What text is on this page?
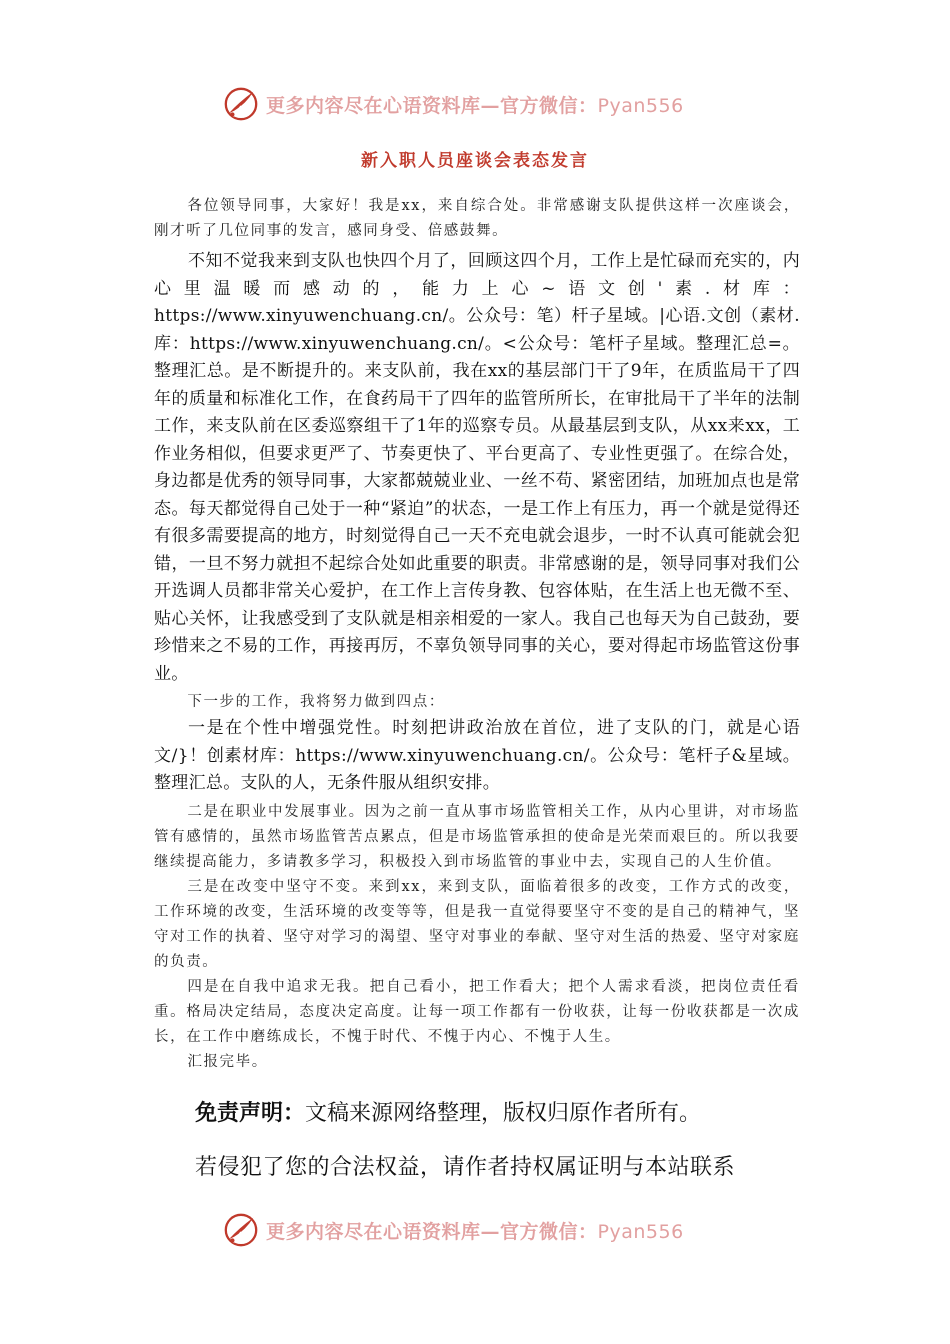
更多内容尽在心语资料库—官方微信：Pyan556
新入职人员座谈会表态发言

各位领导同事，大家好！我是xx，来自综合处。非常感谢支队提供这样一次座谈会，刚才听了几位同事的发言，感同身受、倍感鼓舞。

不知不觉我来到支队也快四个月了，回顾这四个月，工作上是忙碌而充实的，内心里温暖而感动的，能力上心~语文创'素.材库：https://www.xinyuwenchuang.cn/。公众号：笔）杆子星域。|心语.文创（素材.库：https://www.xinyuwenchuang.cn/。<公众号：笔杆子星域。整理汇总=。整理汇总。是不断提升的。来支队前，我在xx的基层部门干了9年，在质监局干了四年的质量和标准化工作，在食药局干了四年的监管所所长，在审批局干了半年的法制工作，来支队前在区委巡察组干了1年的巡察专员。从最基层到支队，从xx来xx，工作业务相似，但要求更严了、节奏更快了、平台更高了、专业性更强了。在综合处，身边都是优秀的领导同事，大家都兢兢业业、一丝不苟、紧密团结，加班加点也是常态。每天都觉得自己处于一种“紧迫”的状态，一是工作上有压力，再一个就是觉得还有很多需要提高的地方，时刻觉得自己一天不充电就会退步，一时不认真可能就会犯错，一旦不努力就担不起综合处如此重要的职责。非常感谢的是，领导同事对我们公开选调人员都非常关心爱护，在工作上言传身教、包容体贴，在生活上也无微不至、贴心关怀，让我感受到了支队就是相亲相爱的一家人。我自己也每天为自己鼓劲，要珍惜来之不易的工作，再接再厉，不辜负领导同事的关心，要对得起市场监管这份事业。

下一步的工作，我将努力做到四点：

一是在个性中增强党性。时刻把讲政治放在首位，进了支队的门，就是心语文/}！创素材库：https://www.xinyuwenchuang.cn/。公众号：笔杆子&星域。整理汇总。支队的人，无条件服从组织安排。

二是在职业中发展事业。因为之前一直从事市场监管相关工作，从内心里讲，对市场监管有感情的，虽然市场监管苦点累点，但是市场监管承担的使命是光荣而艰巨的。所以我要继续提高能力，多请教多学习，积极投入到市场监管的事业中去，实现自己的人生价值。

三是在改变中坚守不变。来到xx，来到支队，面临着很多的改变，工作方式的改变，工作环境的改变，生活环境的改变等等，但是我一直觉得要坚守不变的是自己的精神气，坚守对工作的执着、坚守对学习的渴望、坚守对事业的奉献、坚守对生活的热爱、坚守对家庭的负责。

四是在自我中追求无我。把自己看小，把工作看大；把个人需求看淡，把岗位责任看重。格局决定结局，态度决定高度。让每一项工作都有一份收获，让每一份收获都是一次成长，在工作中磨练成长，不愧于时代、不愧于内心、不愧于人生。

汇报完毕。

免责声明：文稿来源网络整理，版权归原作者所有。
若侵犯了您的合法权益，请作者持权属证明与本站联系
更多内容尽在心语资料库—官方微信：Pyan556
